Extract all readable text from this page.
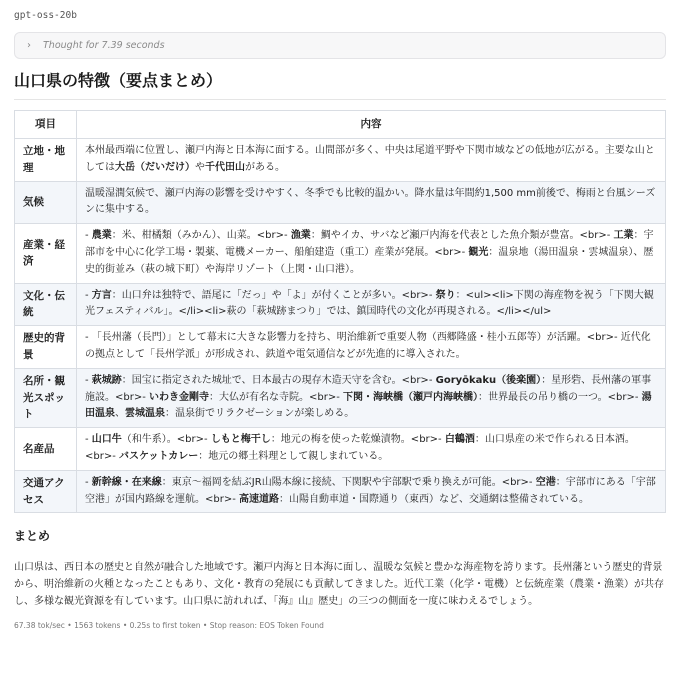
gpt-oss-20b
› Thought for 7.39 seconds
山口県の特徴（要点まとめ）
項目	内容
立地・地理	本州最西端に位置し、瀬戸内海と日本海に面する。山間部が多く、中央は尾道平野や下関市域などの低地が広がる。主要な山としては大岳（だいだけ）や千代田山がある。
気候	温暖湿潤気候で、瀬戸内海の影響を受けやすく、冬季でも比較的温かい。降水量は年間約1,500 mm前後で、梅雨と台風シーズンに集中する。
産業・経済	- 農業：米、柑橘類（みかん）、山菜。<br>- 漁業：鯛やイカ、サバなど瀬戸内海を代表とした魚介類が豊富。<br>- 工業：宇部市を中心に化学工場・製薬、電機メーカー、船舶建造（重工）産業が発展。<br>- 観光：温泉地（湯田温泉・雲城温泉）、歴史的街並み（萩の城下町）や海岸リゾート（上関・山口港）。
文化・伝統	- 方言：山口弁は独特で、語尾に「だっ」や「よ」が付くことが多い。<br>- 祭り：<ul><li>下関の海産物を祝う「下関大観光フェスティバル」。</li><li>萩の「萩城跡まつり」では、鎮国時代の文化が再現される。</li></ul>
歴史的背景	- 「長州藩（長門）」として幕末に大きな影響力を持ち、明治維新で重要人物（西郷隆盛・桂小五郎等）が活躍。<br>- 近代化の拠点として「長州学派」が形成され、鉄道や電気通信などが先進的に導入された。
名所・観光スポット	- 萩城跡：国宝に指定された城址で、日本最古の現存木造天守を含む。<br>- Goryōkaku（後楽園）：星形砦、長州藩の軍事施設。<br>- いわき金剛寺：大仏が有名な寺院。<br>- 下関・海峡橋（瀬戸内海峡橋）：世界最長の吊り橋の一つ。<br>- 湯田温泉、雲城温泉：温泉街でリラクゼーションが楽しめる。
名産品	- 山口牛（和牛系）。<br>- しもと梅干し：地元の梅を使った乾燥漬物。<br>- 白鶴酒：山口県産の米で作られる日本酒。<br>- バスケットカレー：地元の郷土料理として親しまれている。
交通アクセス	- 新幹線・在来線：東京〜福岡を結ぶJR山陽本線に接続、下関駅や宇部駅で乗り換えが可能。<br>- 空港：宇部市にある「宇部空港」が国内路線を運航。<br>- 高速道路：山陽自動車道・国際通り（東西）など、交通網は整備されている。
まとめ

山口県は、西日本の歴史と自然が融合した地域です。瀬戸内海と日本海に面し、温暖な気候と豊かな海産物を誇ります。長州藩という歴史的背景から、明治維新の火種となったこともあり、文化・教育の発展にも貢献してきました。近代工業（化学・電機）と伝統産業（農業・漁業）が共存し、多様な観光資源を有しています。山口県に訪れれば、「海』山』歴史」の三つの側面を一度に味わえるでしょう。

67.38 tok/sec • 1563 tokens • 0.25s to first token • Stop reason: EOS Token Found
